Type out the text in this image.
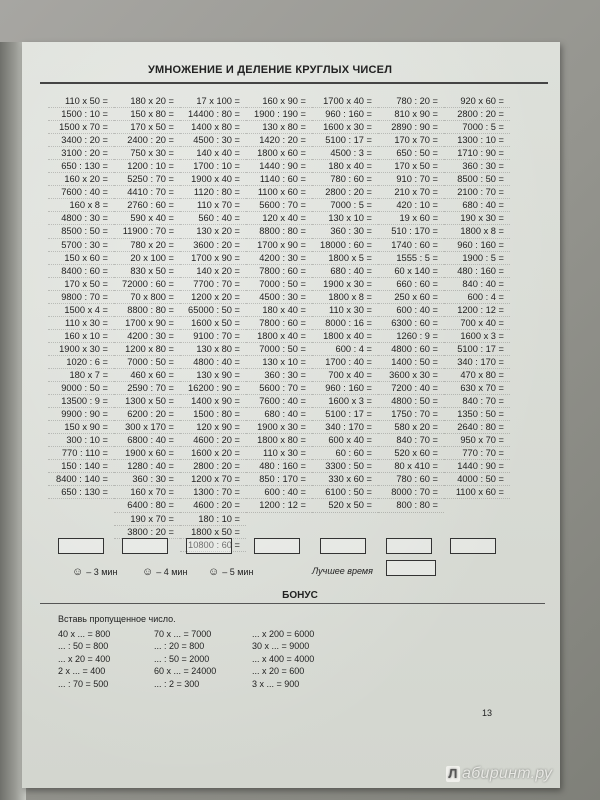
УМНОЖЕНИЕ И ДЕЛЕНИЕ КРУГЛЫХ ЧИСЕЛ
110 x 50 =
1500 : 10 =
1500 x 70 =
3400 : 20 =
3100 : 20 =
650 : 130 =
160 x 20 =
7600 : 40 =
160 x 8 =
4800 : 30 =
8500 : 50 =
5700 : 30 =
150 x 60 =
8400 : 60 =
170 x 50 =
9800 : 70 =
1500 x 4 =
110 x 30 =
160 x 10 =
1900 x 30 =
1020 : 6 =
180 x 7 =
9000 : 50 =
13500 : 9 =
9900 : 90 =
150 x 90 =
300 : 10 =
770 : 110 =
150 : 140 =
8400 : 140 =
650 : 130 =
180 x 20 =
150 x 80 =
170 x 50 =
2400 : 20 =
750 x 30 =
1200 : 10 =
5250 : 70 =
4410 : 70 =
2760 : 60 =
590 x 40 =
11900 : 70 =
780 x 20 =
20 x 100 =
830 x 50 =
72000 : 60 =
70 x 800 =
8800 : 80 =
1700 x 90 =
4200 : 30 =
1200 x 80 =
7000 : 50 =
460 x 60 =
2590 : 70 =
1300 x 50 =
6200 : 20 =
300 x 170 =
6800 : 40 =
1900 x 60 =
1280 : 40 =
360 : 30 =
160 x 70 =
6400 : 80 =
190 x 70 =
3800 : 20 =
17 x 100 =
14400 : 80 =
1400 x 80 =
4500 : 30 =
140 x 40 =
1700 : 10 =
1900 x 40 =
1120 : 80 =
110 x 70 =
560 : 40 =
130 x 20 =
3600 : 20 =
1700 x 90 =
140 x 20 =
7700 : 70 =
1200 x 20 =
65000 : 50 =
1600 x 50 =
9100 : 70 =
130 x 80 =
4800 : 40 =
130 x 90 =
16200 : 90 =
1400 x 90 =
1500 : 80 =
120 x 90 =
4600 : 20 =
1600 x 20 =
2800 : 20 =
1200 x 70 =
1300 : 70 =
4600 : 20 =
180 : 10 =
1800 x 50 =
10800 : 60 =
160 x 90 =
1900 : 190 =
130 x 80 =
1420 : 20 =
1800 x 60 =
1440 : 90 =
1140 : 60 =
1100 x 60 =
5600 : 70 =
120 x 40 =
8800 : 80 =
1700 x 90 =
4200 : 30 =
7800 : 60 =
7000 : 50 =
4500 : 30 =
180 x 40 =
7800 : 60 =
1800 x 40 =
7000 : 50 =
130 x 10 =
360 : 30 =
5600 : 70 =
7600 : 40 =
680 : 40 =
1900 x 30 =
1800 x 80 =
110 x 30 =
480 : 160 =
850 : 170 =
600 : 40 =
1200 : 12 =
1700 x 40 =
960 : 160 =
1600 x 30 =
5100 : 17 =
4500 : 3 =
180 x 40 =
780 : 60 =
2800 : 20 =
7000 : 5 =
130 x 10 =
360 : 30 =
18000 : 60 =
1800 x 5 =
680 : 40 =
1900 x 30 =
1800 x 8 =
110 x 30 =
8000 : 16 =
1800 x 40 =
600 : 4 =
1700 : 40 =
700 x 40 =
960 : 160 =
1600 x 3 =
5100 : 17 =
340 : 170 =
600 x 40 =
60 : 60 =
3300 : 50 =
330 x 60 =
6100 : 50 =
520 x 50 =
780 : 20 =
810 x 90 =
2890 : 90 =
170 x 70 =
650 : 50 =
170 x 50 =
910 : 70 =
210 x 70 =
420 : 10 =
19 x 60 =
510 : 170 =
1740 : 60 =
1555 : 5 =
60 x 140 =
660 : 60 =
250 x 60 =
600 : 40 =
6300 : 60 =
1260 : 9 =
4800 : 60 =
1400 : 50 =
3600 x 30 =
7200 : 40 =
4800 : 50 =
1750 : 70 =
580 x 20 =
840 : 70 =
520 x 60 =
80 x 410 =
780 : 60 =
8000 : 70 =
800 : 80 =
920 x 60 =
2800 : 20 =
7000 : 5 =
1300 : 10 =
1710 : 90 =
360 : 30 =
8500 : 50 =
2100 : 70 =
680 : 40 =
190 x 30 =
1800 x 8 =
960 : 160 =
1900 : 5 =
480 : 160 =
840 : 40 =
600 : 4 =
1200 : 12 =
700 x 40 =
1600 x 3 =
5100 : 17 =
340 : 170 =
470 x 80 =
630 x 70 =
840 : 70 =
1350 : 50 =
2640 : 80 =
950 x 70 =
770 : 70 =
1440 : 90 =
4000 : 50 =
1100 x 60 =
☺ – 3 мин ☺ – 4 мин ☺ – 5 мин	Лучшее время
БОНУС
Вставь пропущенное число.
40 x ... = 800
... : 50 = 800
... x 20 = 400
2 x ... = 400
... : 70 = 500
70 x ... = 7000
... : 20 = 800
... : 50 = 2000
60 x ... = 24000
... : 2 = 300
... x 200 = 6000
30 x ... = 9000
... x 400 = 4000
... x 20 = 600
3 x ... = 900
13
Л абиринт.ру
